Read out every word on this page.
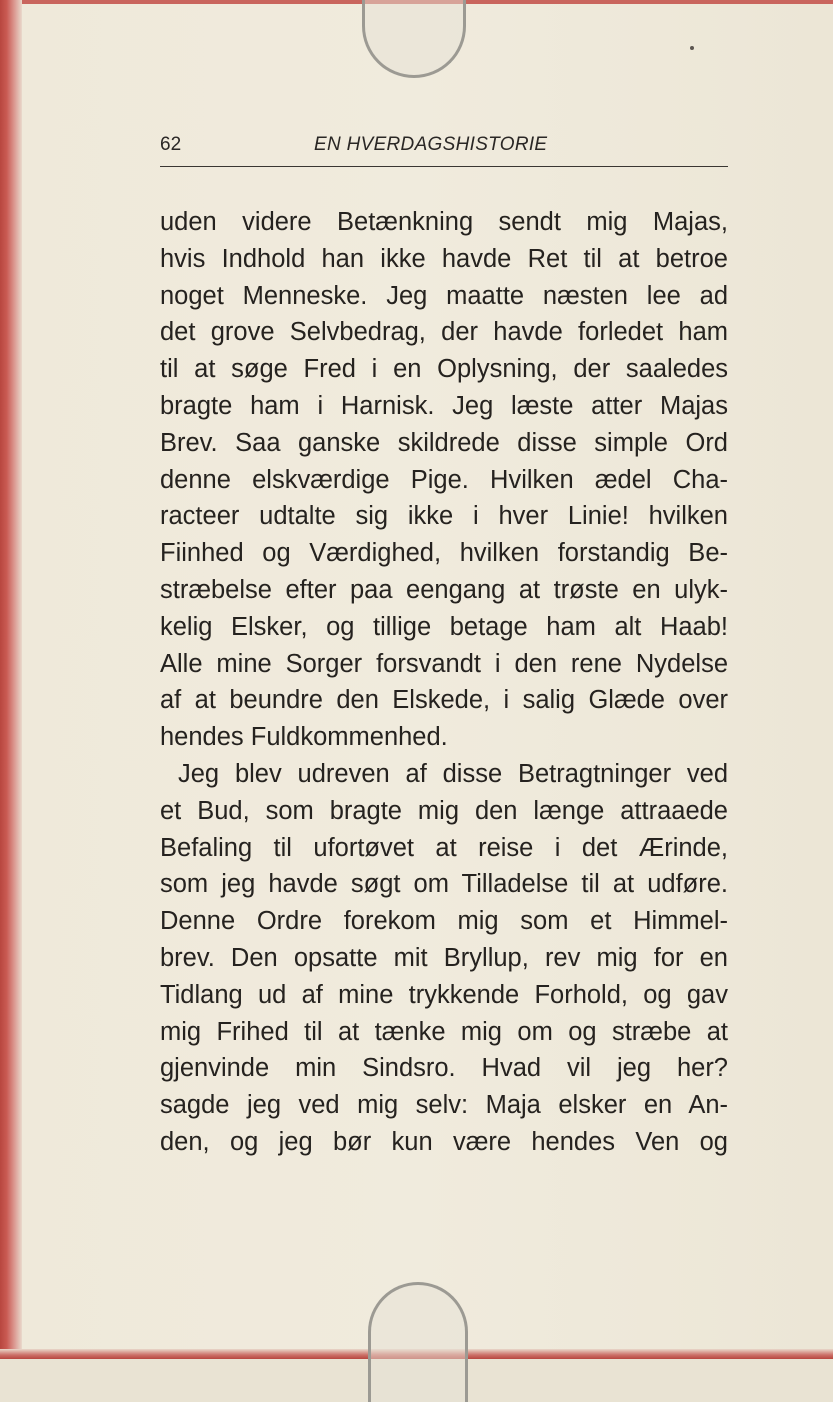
62	EN HVERDAGSHISTORIE
uden videre Betænkning sendt mig Majas,
hvis Indhold han ikke havde Ret til at betroe
noget Menneske. Jeg maatte næsten lee ad
det grove Selvbedrag, der havde forledet ham
til at søge Fred i en Oplysning, der saaledes
bragte ham i Harnisk. Jeg læste atter Majas
Brev. Saa ganske skildrede disse simple Ord
denne elskværdige Pige. Hvilken ædel Cha-
racteer udtalte sig ikke i hver Linie! hvilken
Fiinhed og Værdighed, hvilken forstandig Be-
stræbelse efter paa eengang at trøste en ulyk-
kelig Elsker, og tillige betage ham alt Haab!
Alle mine Sorger forsvandt i den rene Nydelse
af at beundre den Elskede, i salig Glæde over
hendes Fuldkommenhed.
Jeg blev udreven af disse Betragtninger ved
et Bud, som bragte mig den længe attraaede
Befaling til ufortøvet at reise i det Ærinde,
som jeg havde søgt om Tilladelse til at udføre.
Denne Ordre forekom mig som et Himmel-
brev. Den opsatte mit Bryllup, rev mig for en
Tidlang ud af mine trykkende Forhold, og gav
mig Frihed til at tænke mig om og stræbe at
gjenvinde min Sindsro. Hvad vil jeg her?
sagde jeg ved mig selv: Maja elsker en An-
den, og jeg bør kun være hendes Ven og
